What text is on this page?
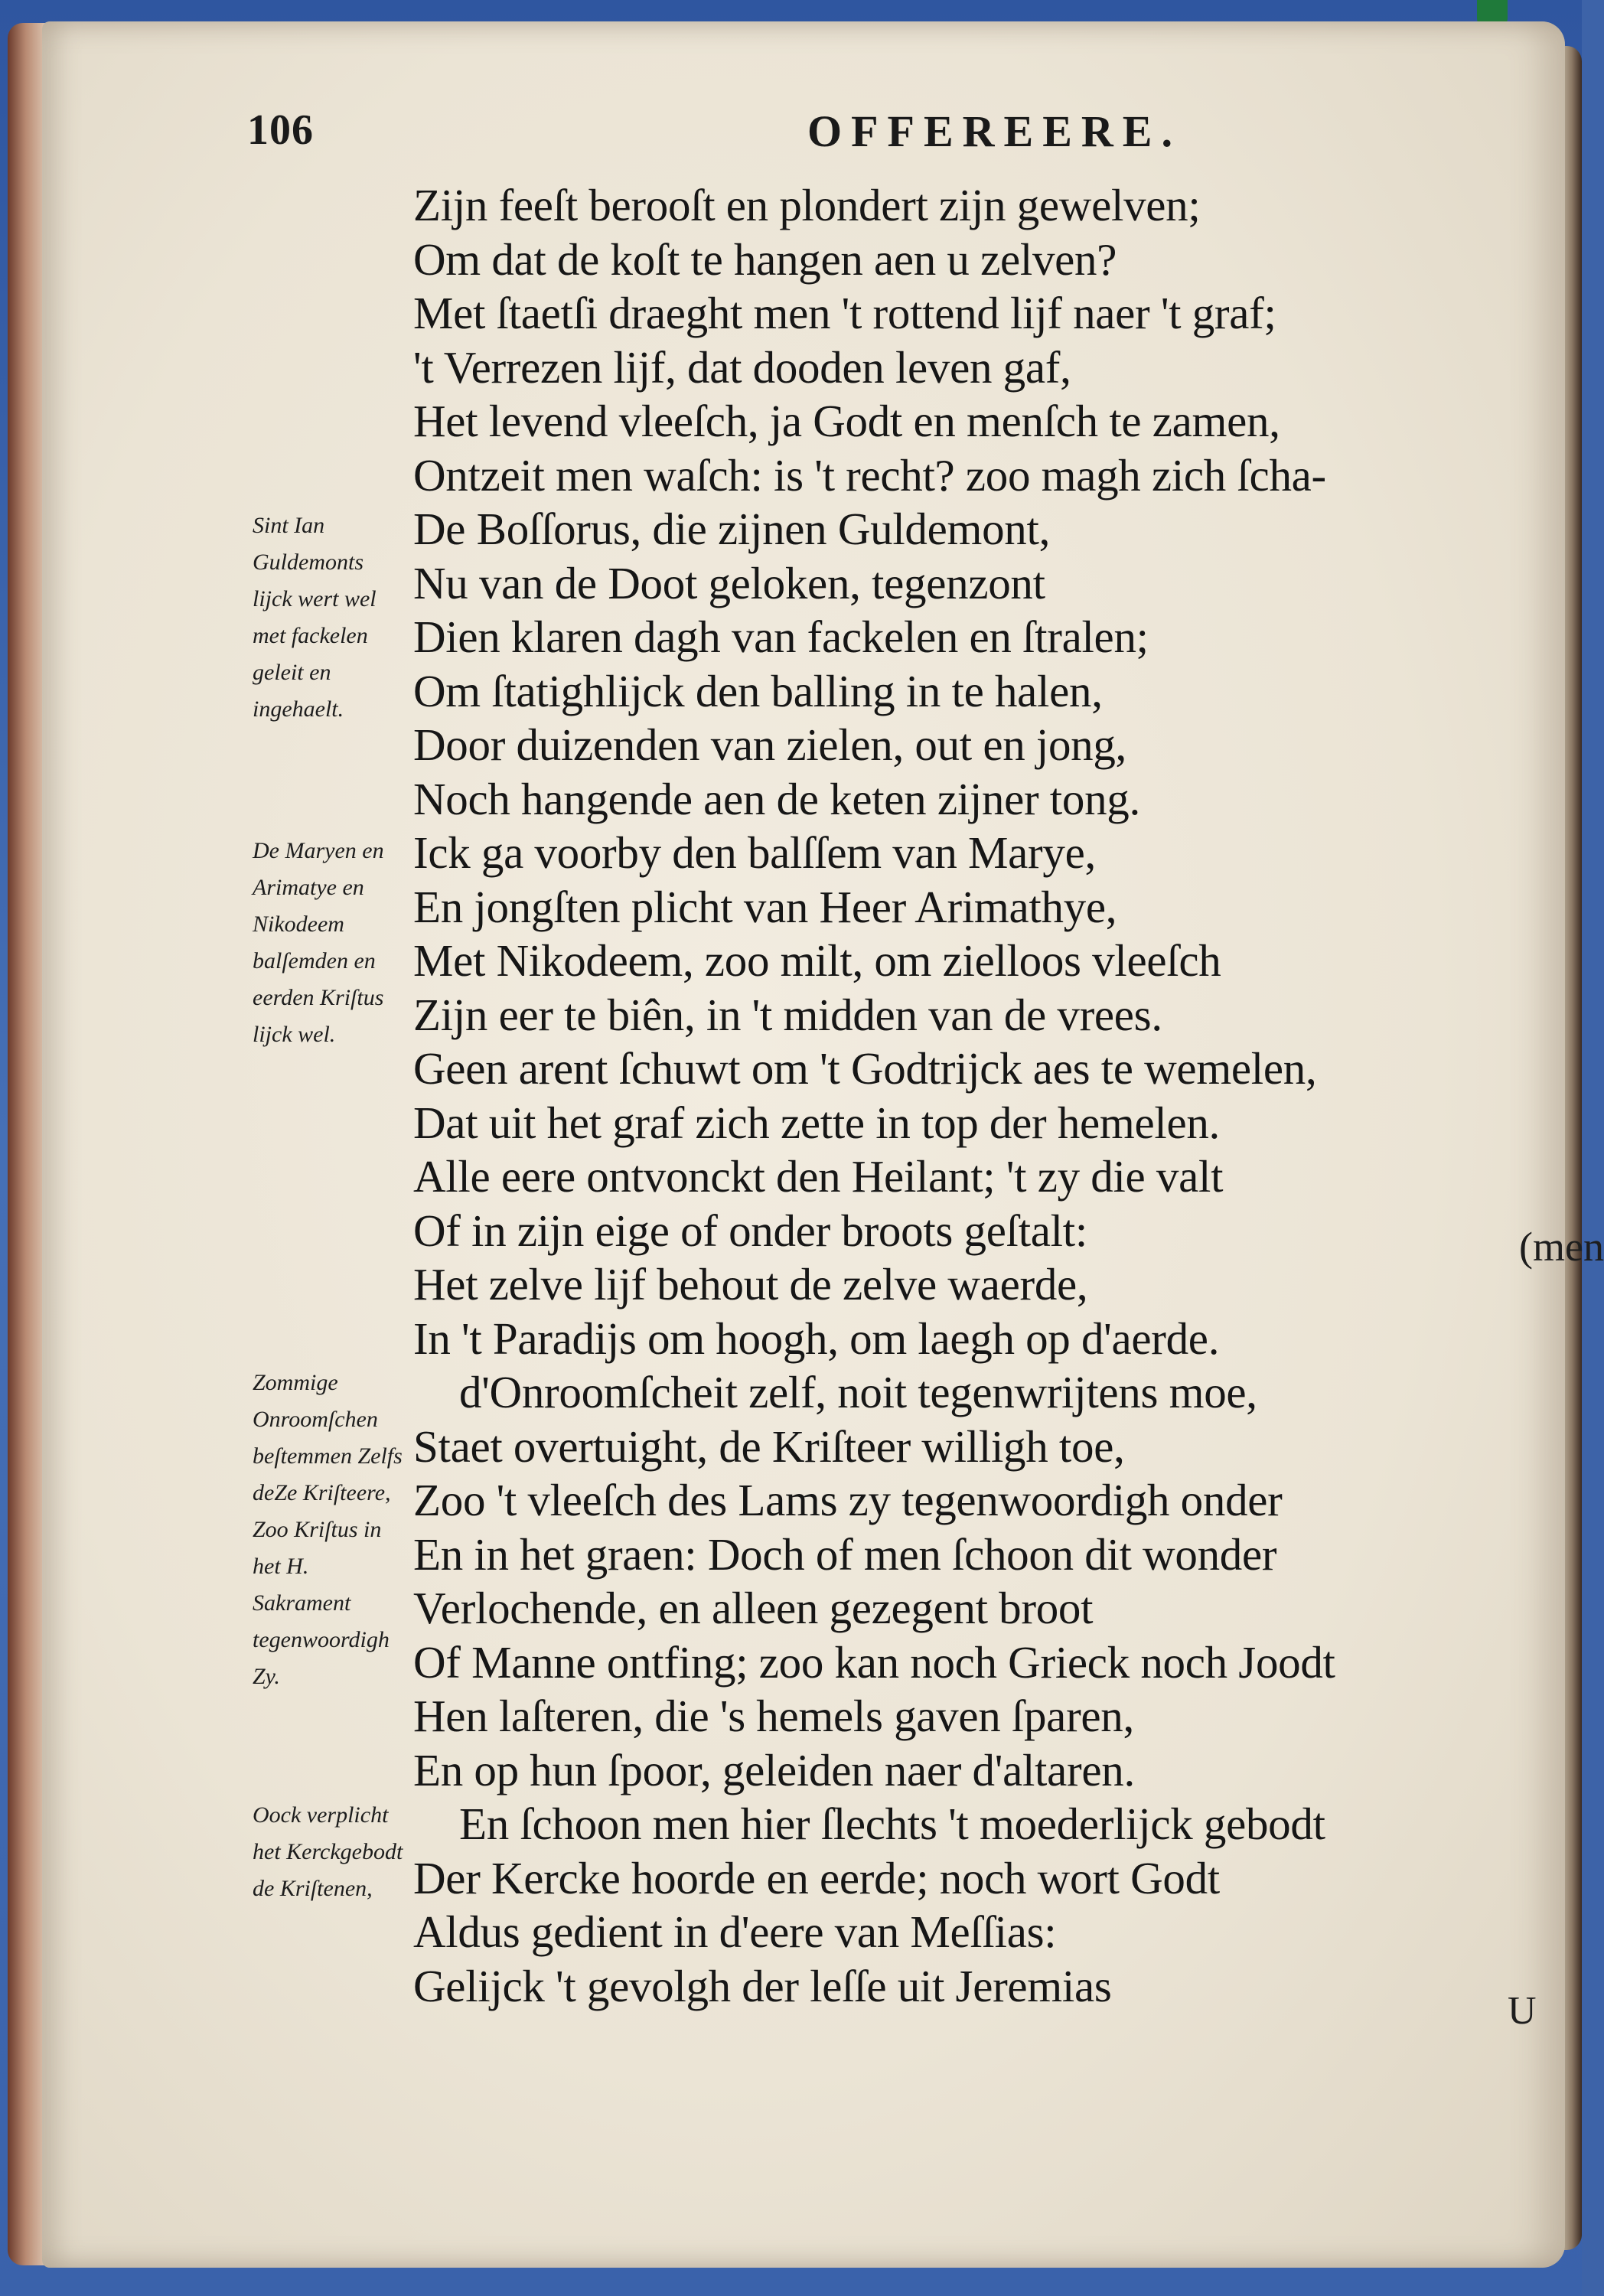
106	OFFEREERE.
Zijn feeſt berooſt en plondert zijn gewelven;
Om dat de koſt te hangen aen u zelven?
Met ſtaetſi draeght men 't rottend lijf naer 't graf;
't Verrezen lijf, dat dooden leven gaf,
Het levend vleeſch, ja Godt en menſch te zamen,
Ontzeit men waſch: is 't recht? zoo magh zich ſcha-
De Boſſorus, die zijnen Guldemont,
Nu van de Doot geloken, tegenzont
Dien klaren dagh van fackelen en ſtralen;
Om ſtatighlijck den balling in te halen,
Door duizenden van zielen, out en jong,
Noch hangende aen de keten zijner tong.
Ick ga voorby den balſſem van Marye,
En jongſten plicht van Heer Arimathye,
Met Nikodeem, zoo milt, om zielloos vleeſch
Zijn eer te biên, in 't midden van de vrees.
Geen arent ſchuwt om 't Godtrijck aes te wemelen,
Dat uit het graf zich zette in top der hemelen.
Alle eere ontvonckt den Heilant; 't zy die valt
Of in zijn eige of onder broots geſtalt:
Het zelve lijf behout de zelve waerde,
In 't Paradijs om hoogh, om laegh op d'aerde.
d'Onroomſcheit zelf, noit tegenwrijtens moe,
Staet overtuight, de Kriſteer willigh toe,
Zoo 't vleeſch des Lams zy tegenwoordigh onder
En in het graen: Doch of men ſchoon dit wonder
Verlochende, en alleen gezegent broot
Of Manne ontfing; zoo kan noch Grieck noch Joodt
Hen laſteren, die 's hemels gaven ſparen,
En op hun ſpoor, geleiden naer d'altaren.
En ſchoon men hier ſlechts 't moederlijck gebodt
Der Kercke hoorde en eerde; noch wort Godt
Aldus gedient in d'eere van Meſſias:
Gelijck 't gevolgh der leſſe uit Jeremias
(men
U
Sint Ian Guldemonts lijck wert wel met fackelen geleit en ingehaelt.
De Maryen en Arimatye en Nikodeem balſemden en eerden Kriſtus lijck wel.
Zommige Onroomſchen beſtemmen Zelfs deZe Kriſteere, Zoo Kriſtus in het H. Sakrament tegenwoordigh Zy.
Oock verplicht het Kerckgebodt de Kriſtenen,
